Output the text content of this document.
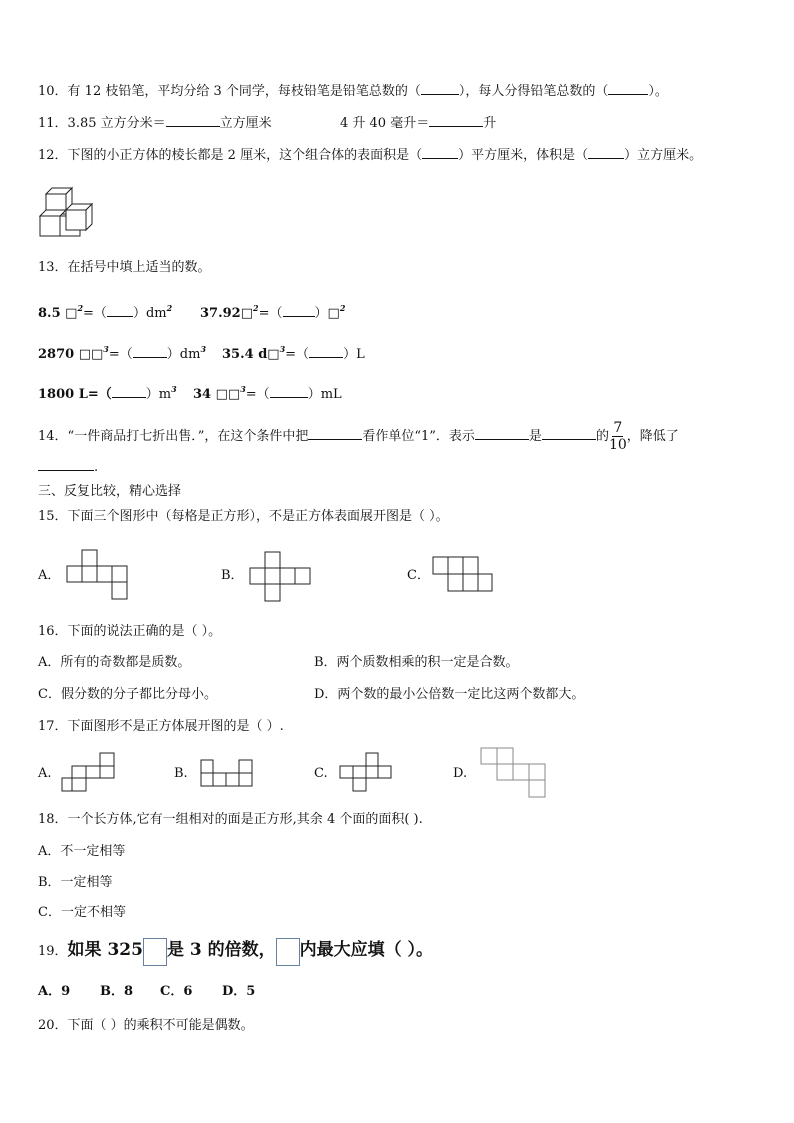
10．有 12 枝铅笔，平均分给 3 个同学，每枝铅笔是铅笔总数的（	），每人分得铅笔总数的（	）。
11．3.85 立方分米＝	立方厘米	4 升 40 毫升＝	升
12．下图的小正方体的棱长都是 2 厘米，这个组合体的表面积是（	）平方厘米，体积是（	）立方厘米。
13．在括号中填上适当的数。
8.5 □$^2$=（ ）$dm^2$ 37.92□$^2$=（ ）□$^2$
2870 □□$^3$=（	）$dm^3$ 35.4 d□$^3$=（	）L
1800 L=（	）$m^3$ 34 □□$^3$=（	）mL
14．“一件商品打七折出售．”，在这个条件中把	看作单位“1”．表示	是	的 $\frac{7}{10}$ ，降低了
.
三、反复比较，精心选择
15．下面三个图形中（每格是正方形），不是正方体表面展开图是（ ）。
A．	B．	C．
16．下面的说法正确的是（ ）。
A．所有的奇数都是质数。	B．两个质数相乘的积一定是合数。
C．假分数的分子都比分母小。	D．两个数的最小公倍数一定比这两个数都大。
17．下面图形不是正方体展开图的是（ ）.
A.	B.	C.	D.
18．一个长方体,它有一组相对的面是正方形,其余 4 个面的面积( ).
A．不一定相等
B．一定相等
C．一定不相等
19．如果 325 是 3 的倍数， 内最大应填（ ）。
A．9 B．8 C．6 D．5
20．下面（ ）的乘积不可能是偶数。
